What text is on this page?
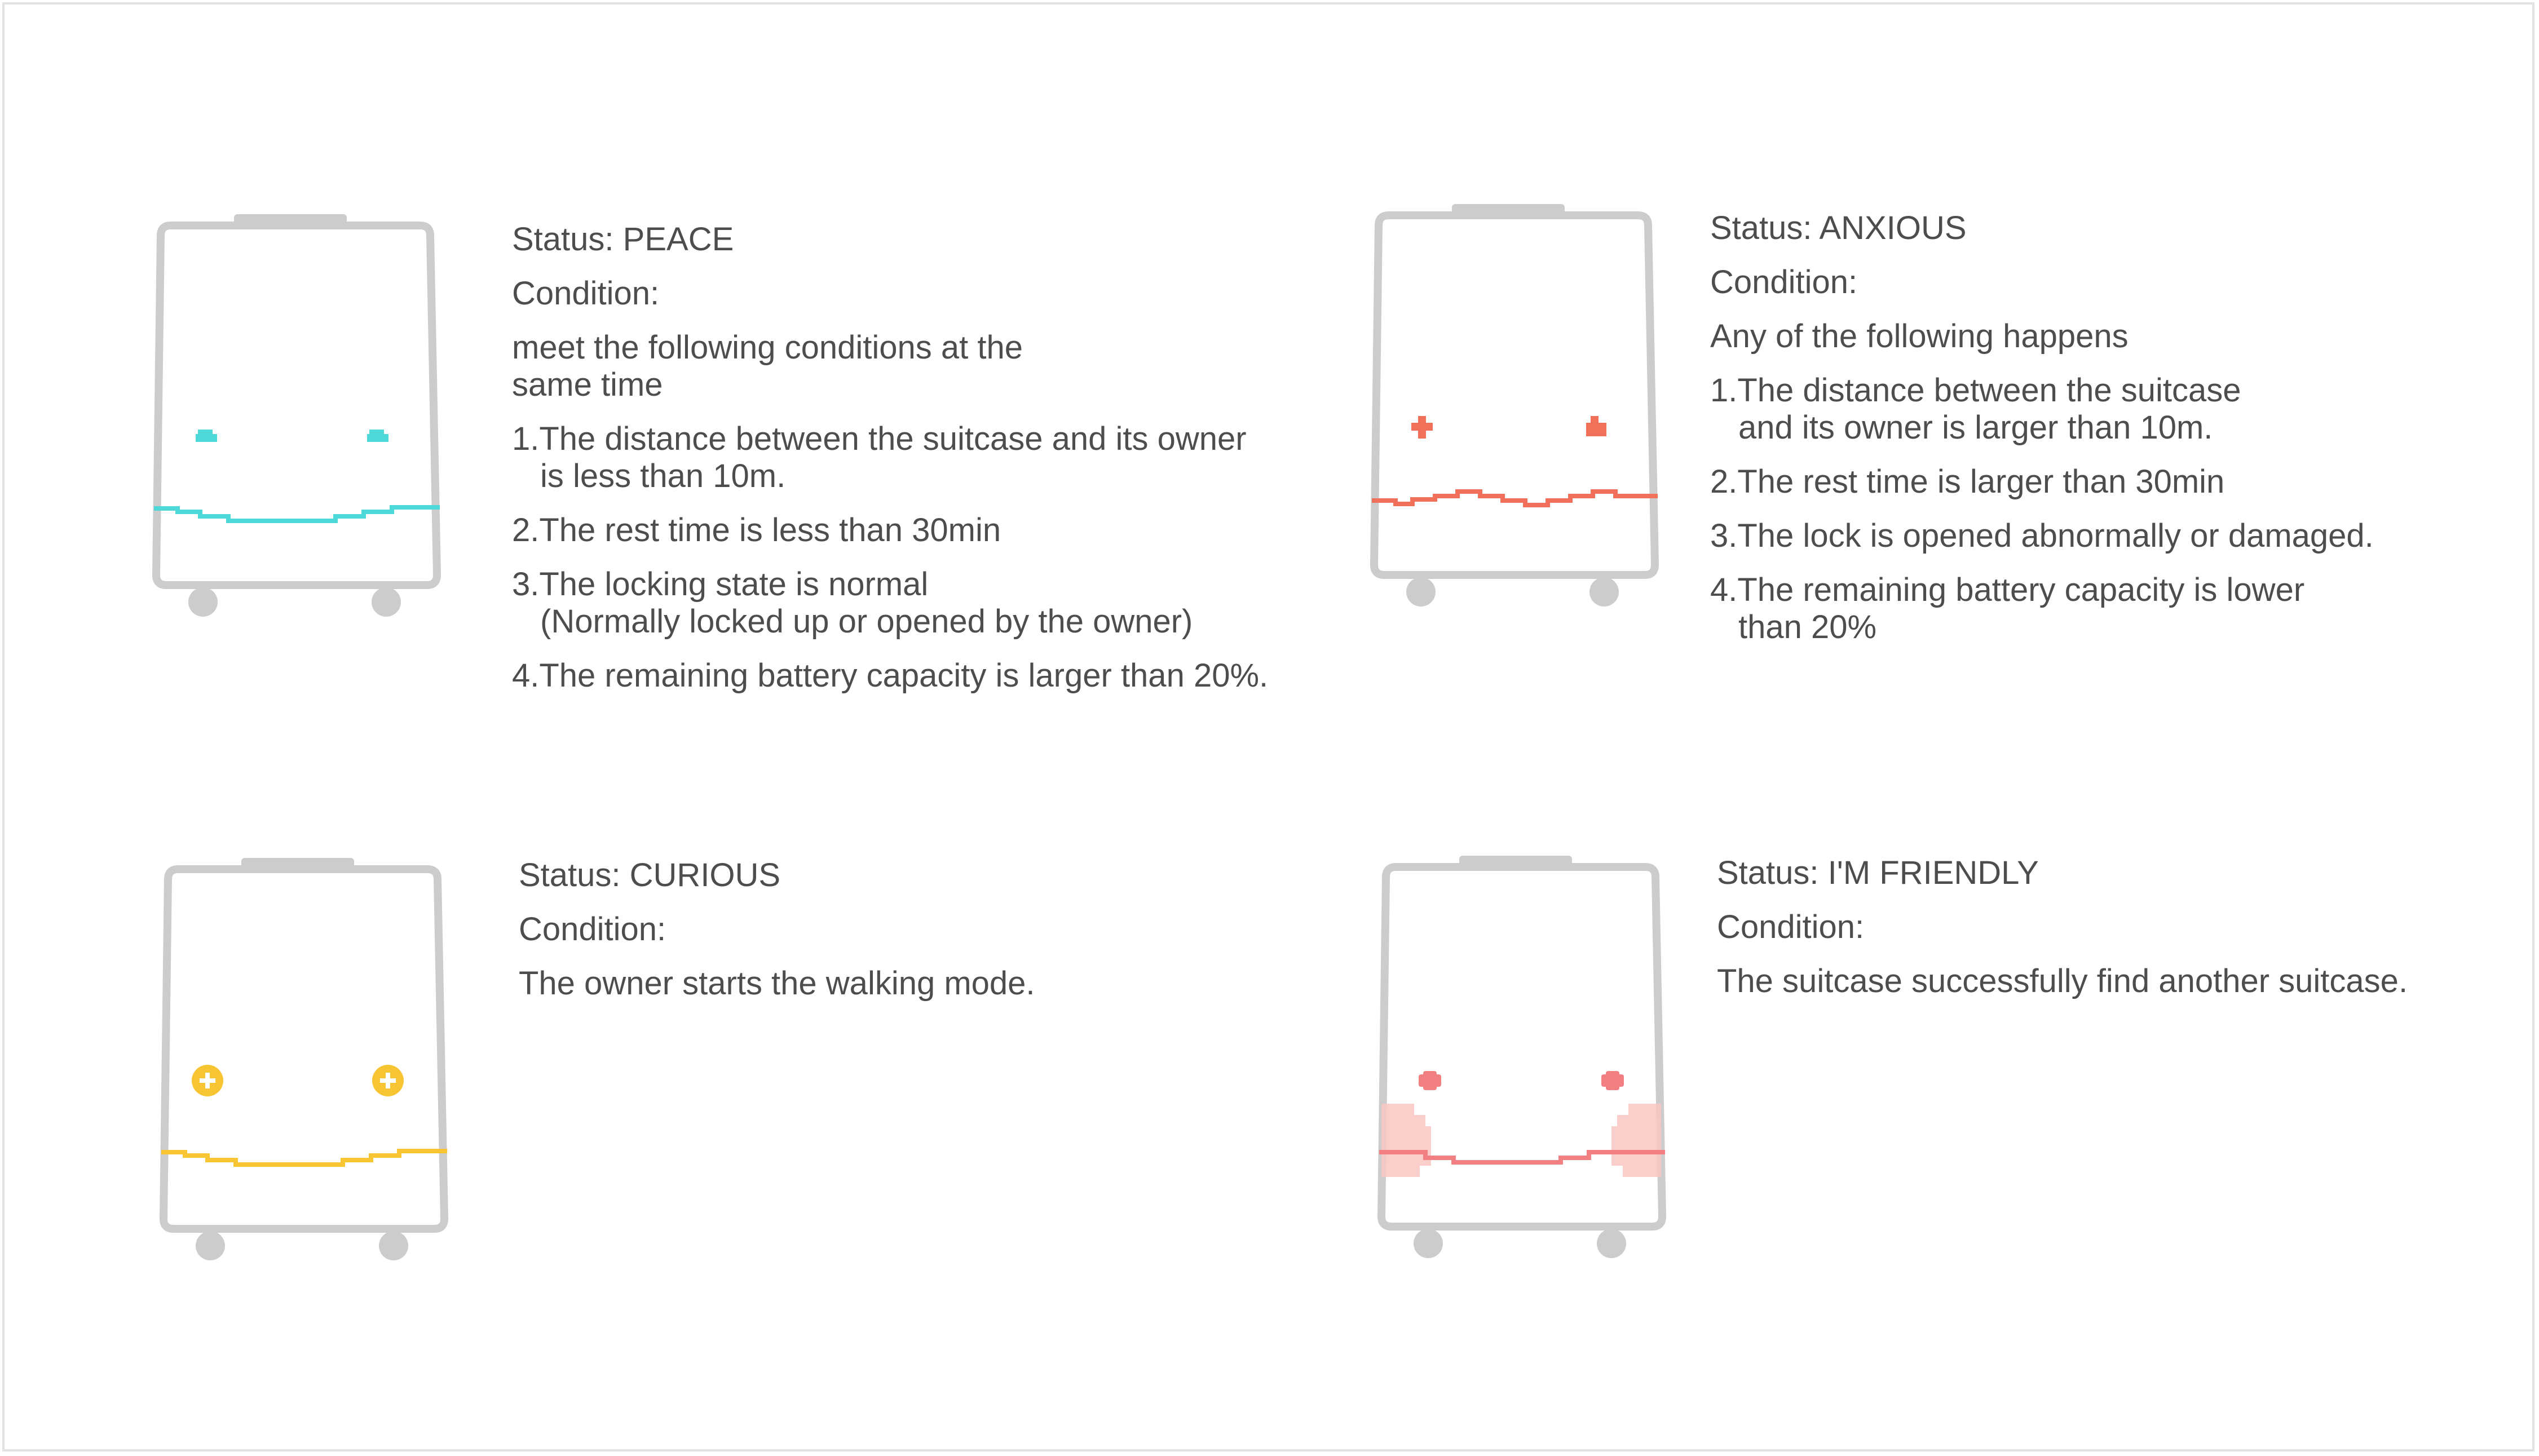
Status: PEACE
Condition:
meet the following conditions at the
same time
1.The distance between the suitcase and its owner
is less than 10m.
2.The rest time is less than 30min
3.The locking state is normal
(Normally locked up or opened by the owner)
4.The remaining battery capacity is larger than 20%.
Status: ANXIOUS
Condition:
Any of the following happens
1.The distance between the suitcase
and its owner is larger than 10m.
2.The rest time is larger than 30min
3.The lock is opened abnormally or damaged.
4.The remaining battery capacity is lower
than 20%
Status: CURIOUS
Condition:
The owner starts the walking mode.
Status: I'M FRIENDLY
Condition:
The suitcase successfully find another suitcase.
